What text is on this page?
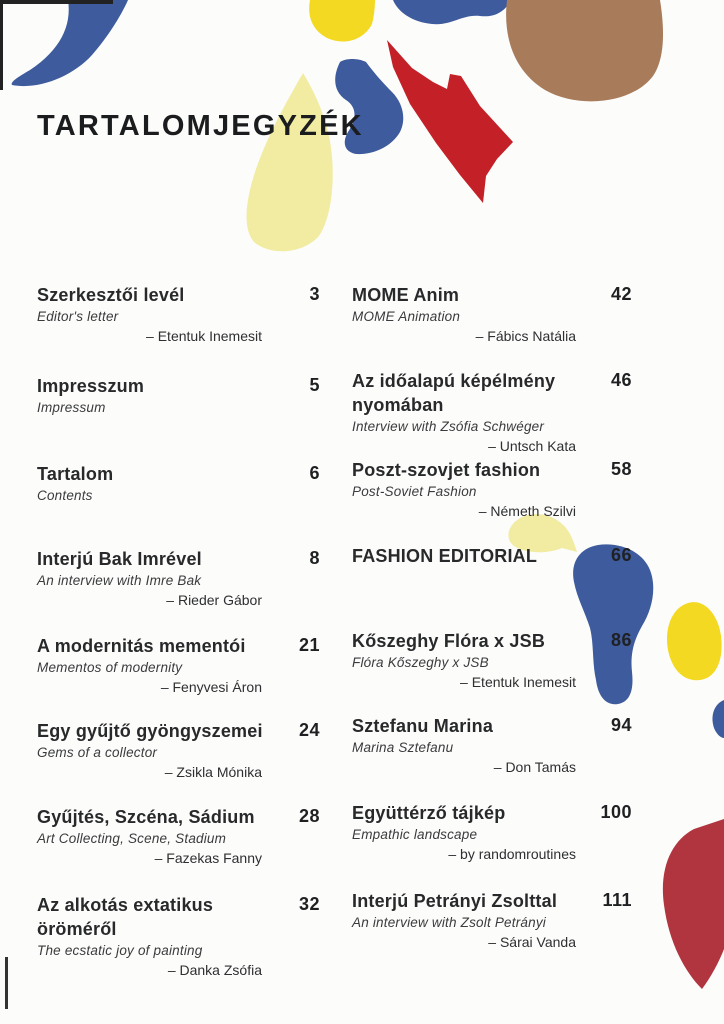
TARTALOMJEGYZÉK
Szerkesztői levél	3
Editor's letter
– Etentuk Inemesit
Impresszum	5
Impressum
Tartalom	6
Contents
Interjú Bak Imrével	8
An interview with Imre Bak
– Rieder Gábor
A modernitás mementói	21
Mementos of modernity
– Fenyvesi Áron
Egy gyűjtő gyöngyszemei	24
Gems of a collector
– Zsikla Mónika
Gyűjtés, Szcéna, Sádium	28
Art Collecting, Scene, Stadium
– Fazekas Fanny
Az alkotás extatikus öröméről
32
The ecstatic joy of painting
– Danka Zsófia
MOME Anim	42
MOME Animation
– Fábics Natália
Az időalapú képélmény nyomában
46
Interview with Zsófia Schwéger
– Untsch Kata
Poszt-szovjet fashion	58
Post-Soviet Fashion
– Németh Szilvi
FASHION EDITORIAL	66
Kőszeghy Flóra x JSB	86
Flóra Kőszeghy x JSB
– Etentuk Inemesit
Sztefanu Marina	94
Marina Sztefanu
– Don Tamás
Együttérző tájkép	100
Empathic landscape
– by randomroutines
Interjú Petrányi Zsolttal	111
An interview with Zsolt Petrányi
– Sárai Vanda
